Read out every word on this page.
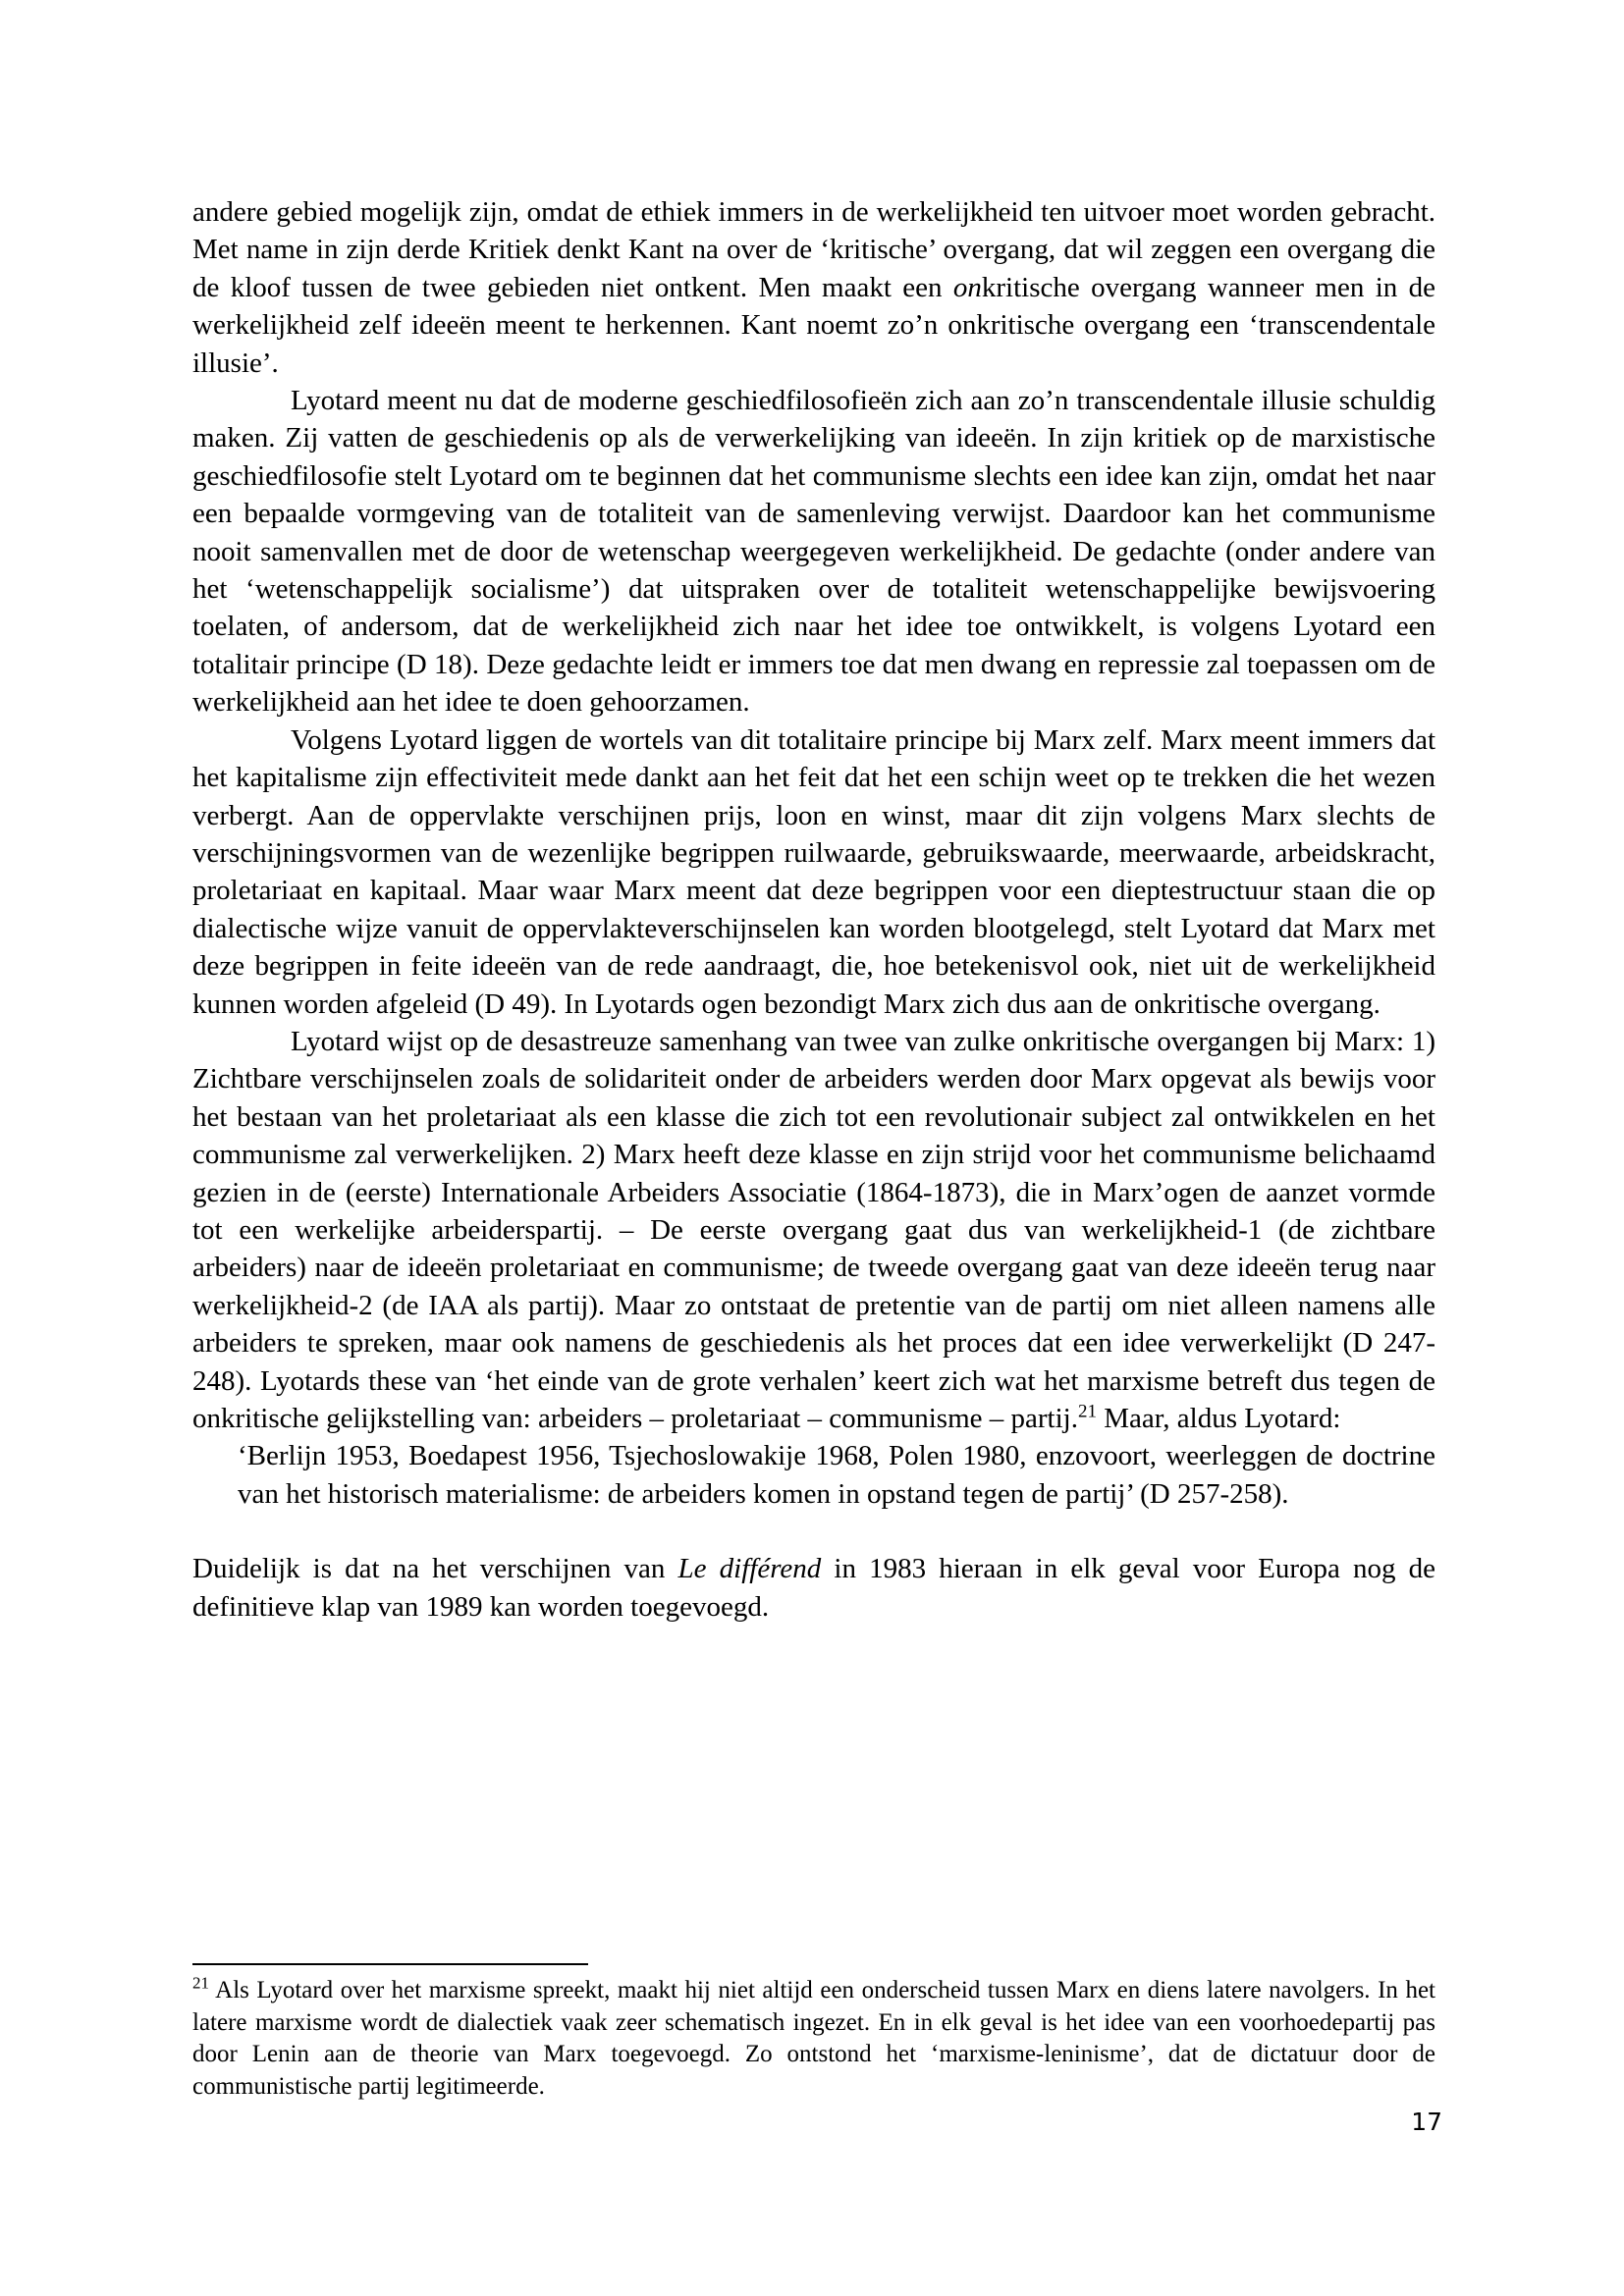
andere gebied mogelijk zijn, omdat de ethiek immers in de werkelijkheid ten uitvoer moet worden gebracht. Met name in zijn derde Kritiek denkt Kant na over de ‘kritische’ overgang, dat wil zeggen een overgang die de kloof tussen de twee gebieden niet ontkent. Men maakt een onkritische overgang wanneer men in de werkelijkheid zelf ideeën meent te herkennen. Kant noemt zo’n onkritische overgang een ‘transcendentale illusie’.

Lyotard meent nu dat de moderne geschiedfilosofieën zich aan zo’n transcendentale illusie schuldig maken. Zij vatten de geschiedenis op als de verwerkelijking van ideeën. In zijn kritiek op de marxistische geschiedfilosofie stelt Lyotard om te beginnen dat het communisme slechts een idee kan zijn, omdat het naar een bepaalde vormgeving van de totaliteit van de samenleving verwijst. Daardoor kan het communisme nooit samenvallen met de door de wetenschap weergegeven werkelijkheid. De gedachte (onder andere van het ‘wetenschappelijk socialisme’) dat uitspraken over de totaliteit wetenschappelijke bewijsvoering toelaten, of andersom, dat de werkelijkheid zich naar het idee toe ontwikkelt, is volgens Lyotard een totalitair principe (D 18). Deze gedachte leidt er immers toe dat men dwang en repressie zal toepassen om de werkelijkheid aan het idee te doen gehoorzamen.

Volgens Lyotard liggen de wortels van dit totalitaire principe bij Marx zelf. Marx meent immers dat het kapitalisme zijn effectiviteit mede dankt aan het feit dat het een schijn weet op te trekken die het wezen verbergt. Aan de oppervlakte verschijnen prijs, loon en winst, maar dit zijn volgens Marx slechts de verschijningsvormen van de wezenlijke begrippen ruilwaarde, gebruikswaarde, meerwaarde, arbeidskracht, proletariaat en kapitaal. Maar waar Marx meent dat deze begrippen voor een dieptestructuur staan die op dialectische wijze vanuit de oppervlakteverschijnselen kan worden blootgelegd, stelt Lyotard dat Marx met deze begrippen in feite ideeën van de rede aandraagt, die, hoe betekenisvol ook, niet uit de werkelijkheid kunnen worden afgeleid (D 49). In Lyotards ogen bezondigt Marx zich dus aan de onkritische overgang.

Lyotard wijst op de desastreuze samenhang van twee van zulke onkritische overgangen bij Marx: 1) Zichtbare verschijnselen zoals de solidariteit onder de arbeiders werden door Marx opgevat als bewijs voor het bestaan van het proletariaat als een klasse die zich tot een revolutionair subject zal ontwikkelen en het communisme zal verwerkelijken. 2) Marx heeft deze klasse en zijn strijd voor het communisme belichaamd gezien in de (eerste) Internationale Arbeiders Associatie (1864-1873), die in Marx’ogen de aanzet vormde tot een werkelijke arbeiderspartij. – De eerste overgang gaat dus van werkelijkheid-1 (de zichtbare arbeiders) naar de ideeën proletariaat en communisme; de tweede overgang gaat van deze ideeën terug naar werkelijkheid-2 (de IAA als partij). Maar zo ontstaat de pretentie van de partij om niet alleen namens alle arbeiders te spreken, maar ook namens de geschiedenis als het proces dat een idee verwerkelijkt (D 247-248). Lyotards these van ‘het einde van de grote verhalen’ keert zich wat het marxisme betreft dus tegen de onkritische gelijkstelling van: arbeiders – proletariaat – communisme – partij.$^{21}$ Maar, aldus Lyotard:

‘Berlijn 1953, Boedapest 1956, Tsjechoslowakije 1968, Polen 1980, enzovoort, weerleggen de doctrine van het historisch materialisme: de arbeiders komen in opstand tegen de partij’ (D 257-258).

Duidelijk is dat na het verschijnen van Le différend in 1983 hieraan in elk geval voor Europa nog de definitieve klap van 1989 kan worden toegevoegd.

$^{21}$ Als Lyotard over het marxisme spreekt, maakt hij niet altijd een onderscheid tussen Marx en diens latere navolgers. In het latere marxisme wordt de dialectiek vaak zeer schematisch ingezet. En in elk geval is het idee van een voorhoedepartij pas door Lenin aan de theorie van Marx toegevoegd. Zo ontstond het ‘marxisme-leninisme’, dat de dictatuur door de communistische partij legitimeerde.

17
